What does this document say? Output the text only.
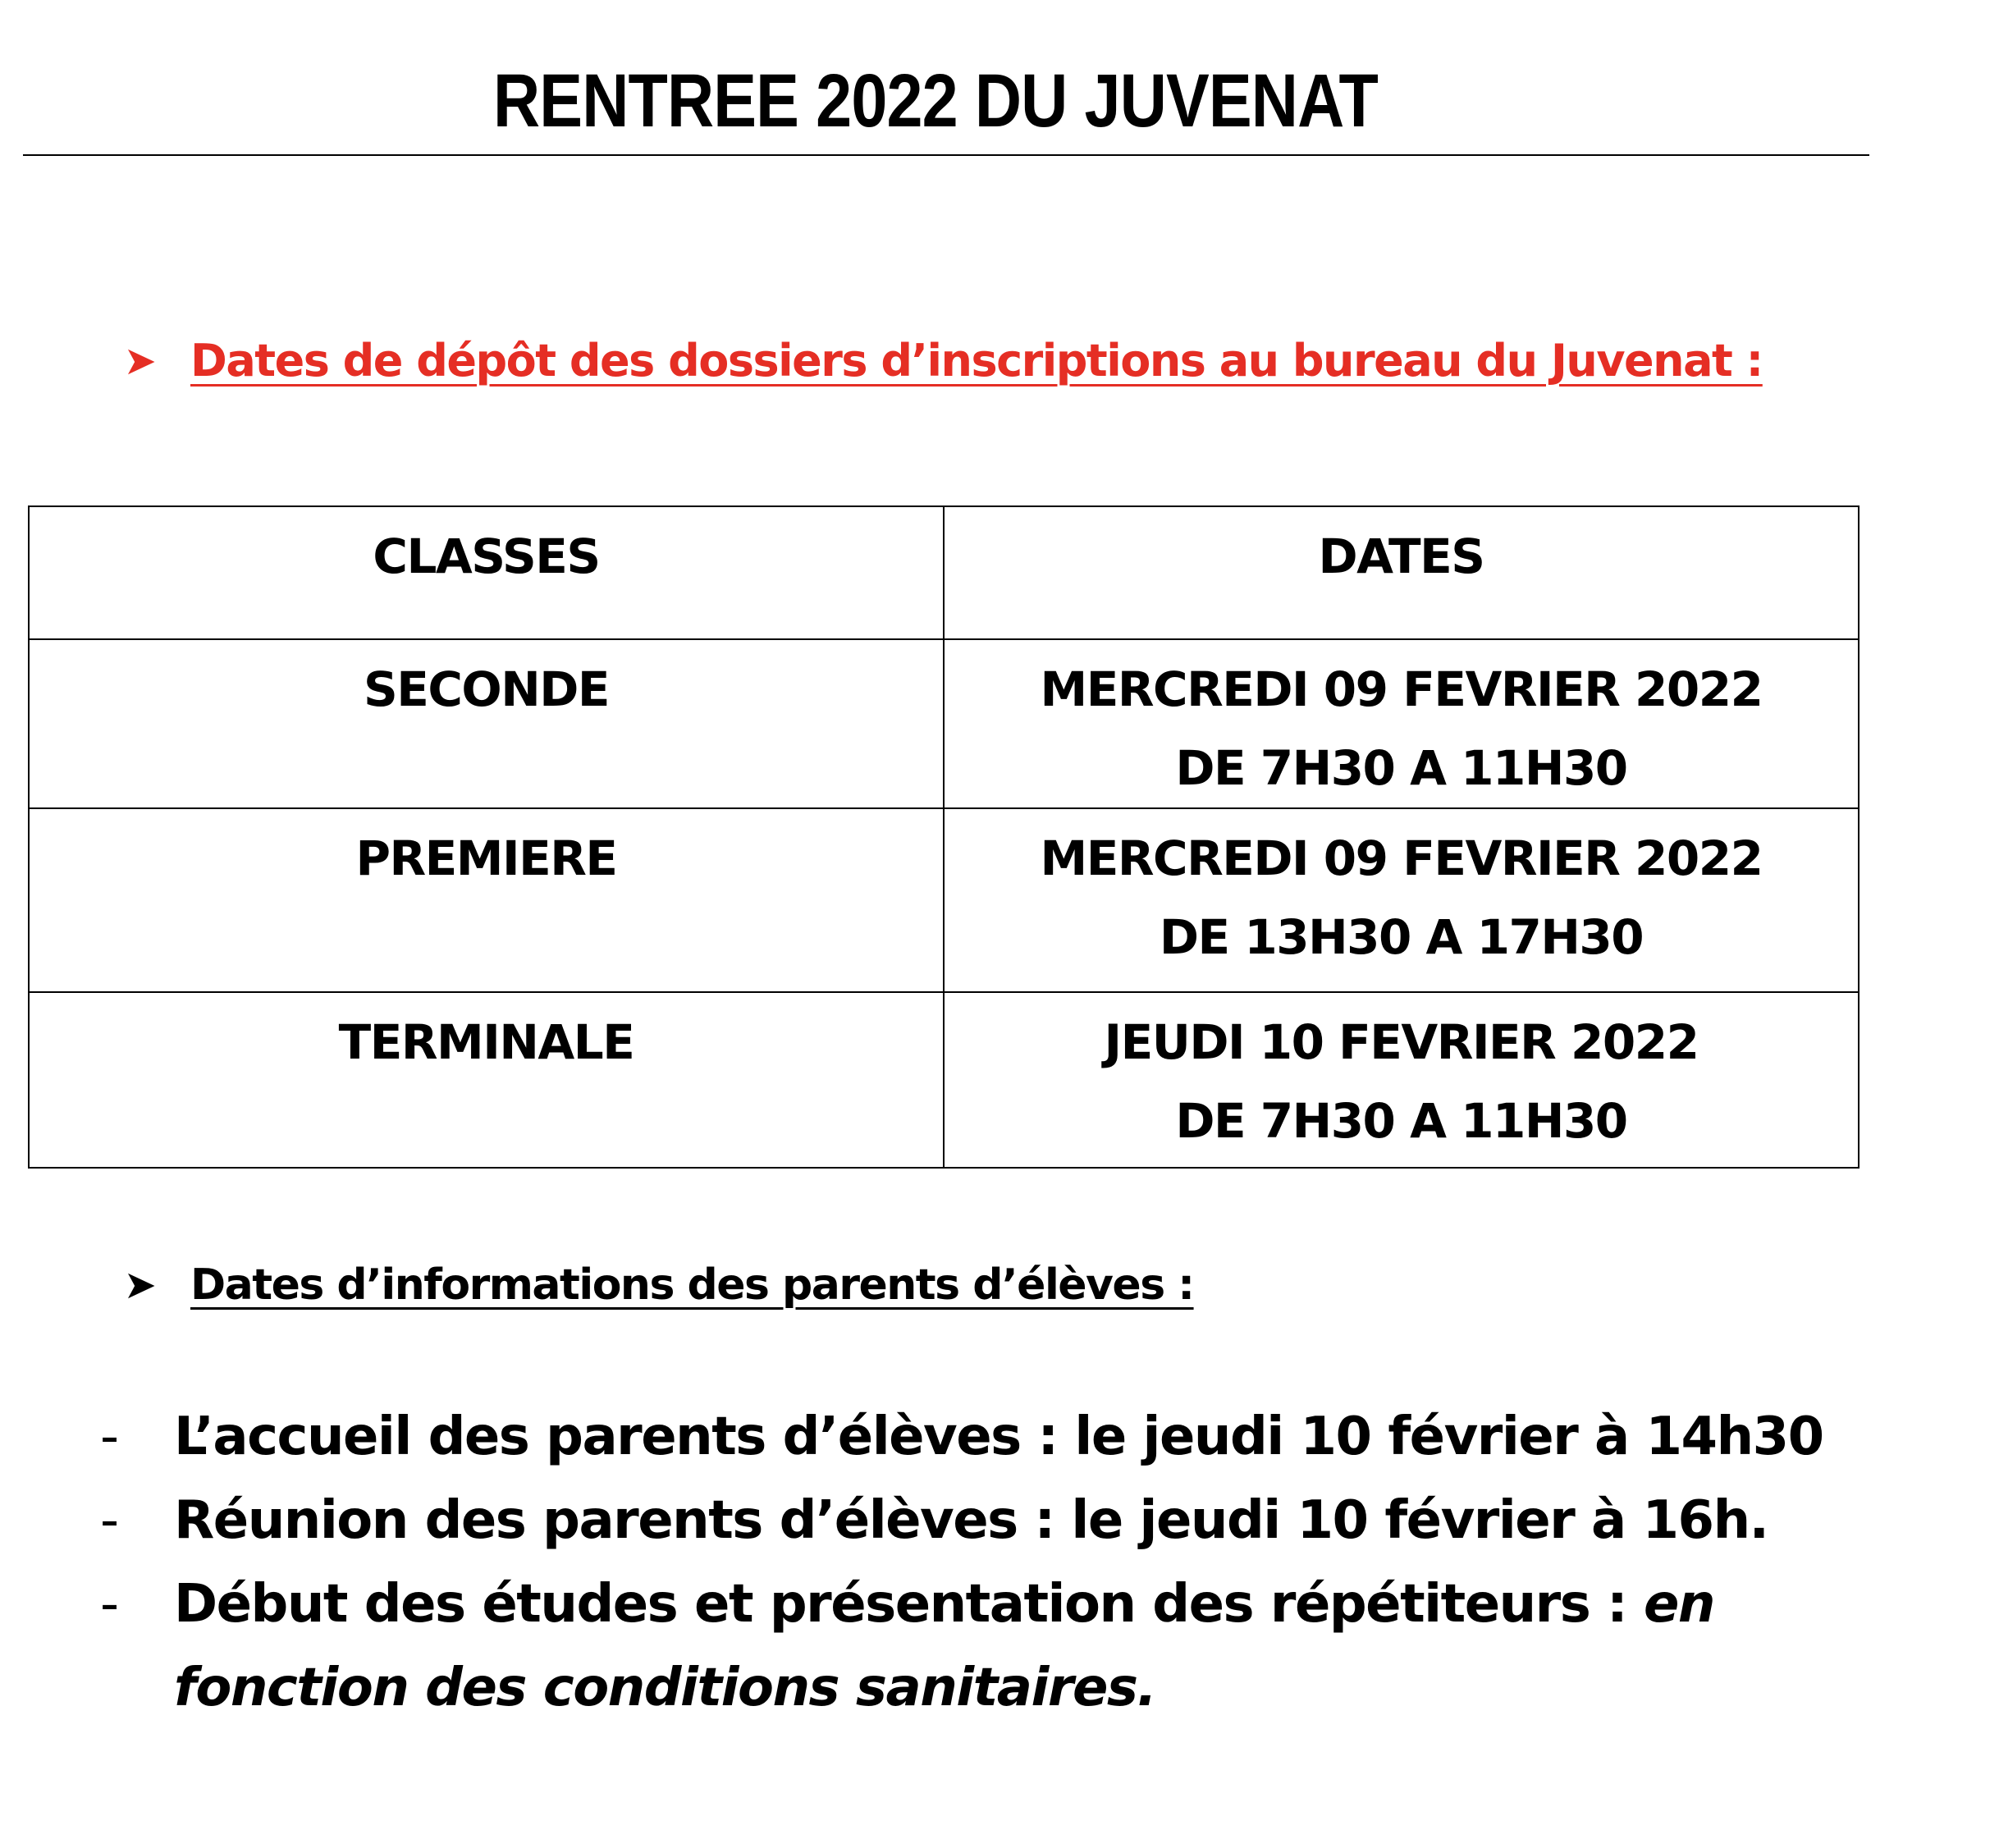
RENTREE 2022 DU JUVENAT
➤ Dates de dépôt des dossiers d’inscriptions au bureau du Juvenat :
CLASSES	DATES
SECONDE	MERCREDI 09 FEVRIER 2022
DE 7H30 A 11H30

PREMIERE	MERCREDI 09 FEVRIER 2022
DE 13H30 A 17H30

TERMINALE	JEUDI 10 FEVRIER 2022
DE 7H30 A 11H30
➤ Dates d’informations des parents d’élèves :
- L’accueil des parents d’élèves : le jeudi 10 février à 14h30
- Réunion des parents d’élèves : le jeudi 10 février à 16h.
- Début des études et présentation des répétiteurs : en fonction des conditions sanitaires.
